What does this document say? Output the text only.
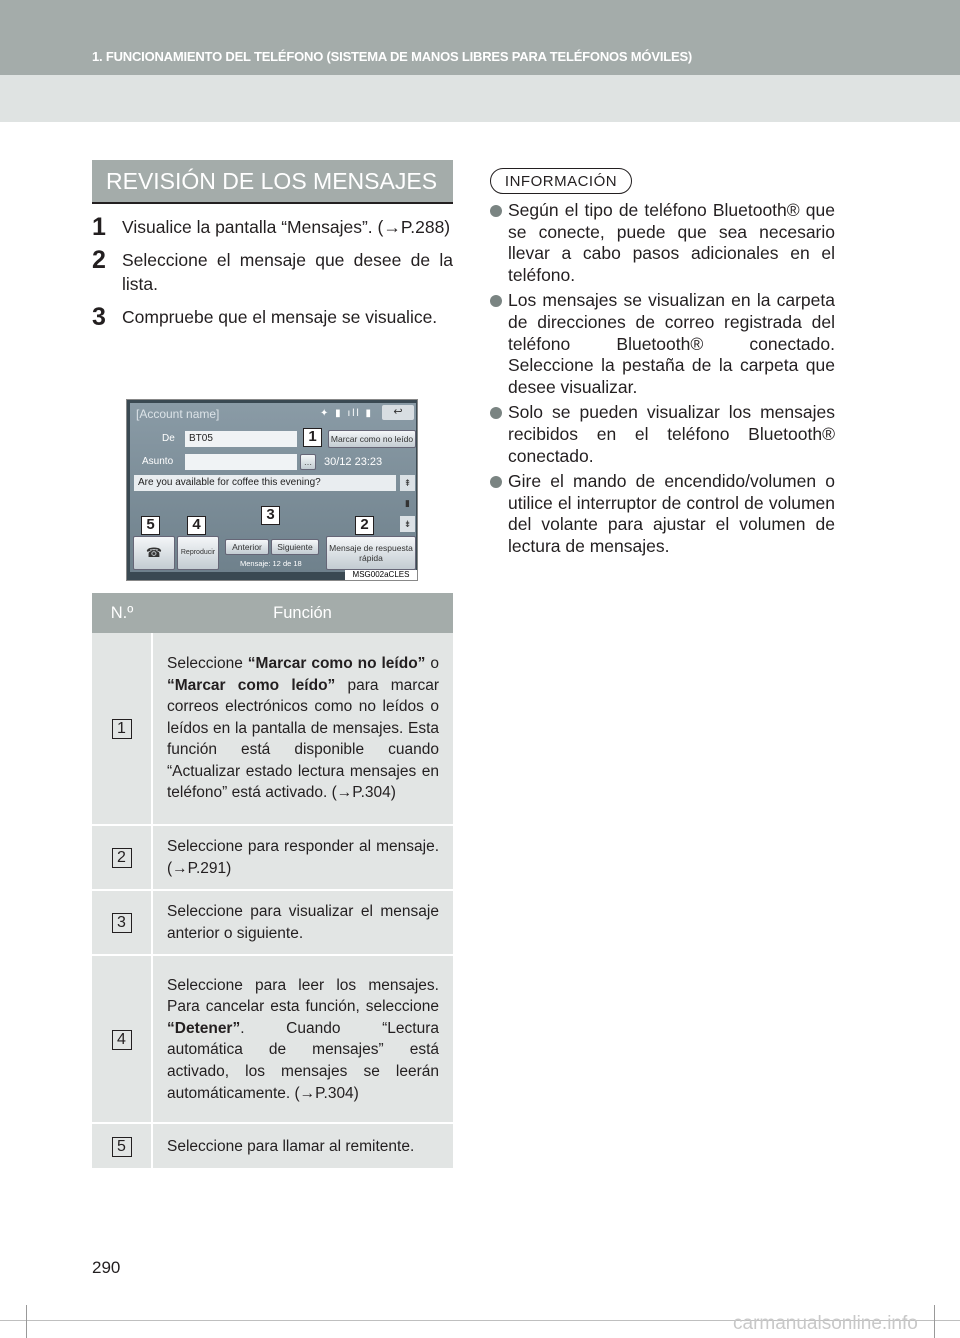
1. FUNCIONAMIENTO DEL TELÉFONO (SISTEMA DE MANOS LIBRES PARA TELÉFONOS MÓVILES)
REVISIÓN DE LOS MENSAJES
1 Visualice la pantalla “Mensajes”. (→P.288)
2 Seleccione el mensaje que desee de la lista.
3 Compruebe que el mensaje se visualice.
[Account name]	✦ ▮ ıll ▮	↩
De	BT05	Marcar como no leído
Asunto	…	30/12 23:23
Are you available for coffee this evening?	⇞
▮
⇟
☎	Reproducir
Anterior	Siguiente
Mensaje: 12 de 18
Mensaje de respuesta rápida
MSG002aCLES
1
2
3
4
5
N.º	Función
1	Seleccione “Marcar como no leído” o “Marcar como leído” para marcar correos electrónicos como no leídos o leídos en la pantalla de mensajes. Esta función está disponible cuando “Actualizar estado lectura mensajes en teléfono” está activado. (→P.304)
2	Seleccione para responder al mensaje. (→P.291)
3	Seleccione para visualizar el mensaje anterior o siguiente.
4	Seleccione para leer los mensajes. Para cancelar esta función, seleccione “Detener”. Cuando “Lectura automática de mensajes” está activado, los mensajes se leerán automáticamente. (→P.304)
5	Seleccione para llamar al remitente.
INFORMACIÓN
Según el tipo de teléfono Bluetooth® que se conecte, puede que sea necesario llevar a cabo pasos adicionales en el teléfono.
Los mensajes se visualizan en la carpeta de direcciones de correo registrada del teléfono Bluetooth® conectado. Seleccione la pestaña de la carpeta que desee visualizar.
Solo se pueden visualizar los mensajes recibidos en el teléfono Bluetooth® conectado.
Gire el mando de encendido/volumen o utilice el interruptor de control de volumen del volante para ajustar el volumen de lectura de mensajes.
290
carmanualsonline.info
